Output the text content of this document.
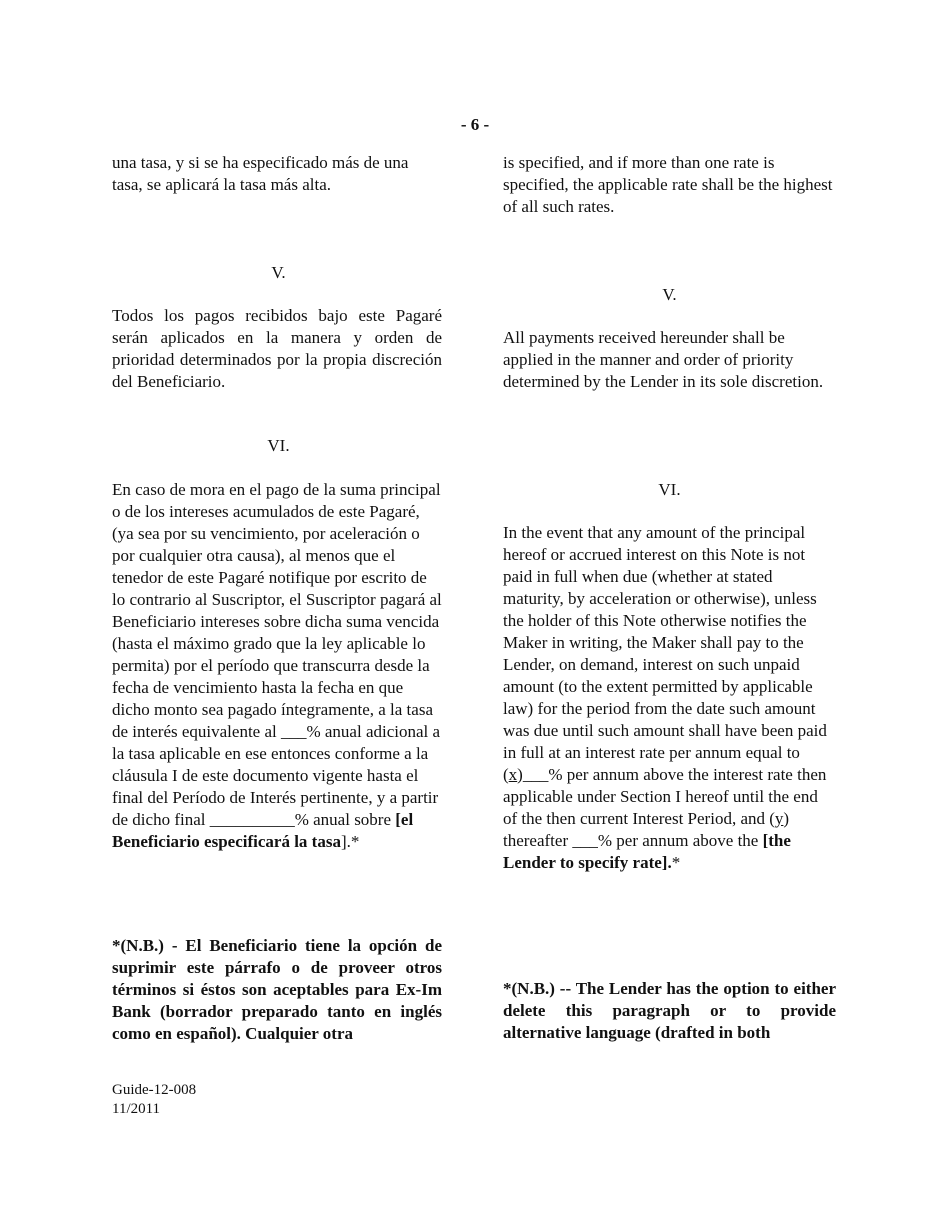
- 6 -

una tasa, y si se ha especificado más de una tasa, se aplicará la tasa más alta.

V.

Todos los pagos recibidos bajo este Pagaré serán aplicados en la manera y orden de prioridad determinados por la propia discreción del Beneficiario.

VI.

En caso de mora en el pago de la suma principal o de los intereses acumulados de este Pagaré, (ya sea por su vencimiento, por aceleración o por cualquier otra causa), al menos que el tenedor de este Pagaré notifique por escrito de lo contrario al Suscriptor, el Suscriptor pagará al Beneficiario intereses sobre dicha suma vencida (hasta el máximo grado que la ley aplicable lo permita) por el período que transcurra desde la fecha de vencimiento hasta la fecha en que dicho monto sea pagado íntegramente, a la tasa de interés equivalente al ___% anual adicional a la tasa aplicable en ese entonces conforme a la cláusula I de este documento vigente hasta el final del Período de Interés pertinente, y a partir de dicho final __________% anual sobre [el Beneficiario especificará la tasa].*

*(N.B.) - El Beneficiario tiene la opción de suprimir este párrafo o de proveer otros términos si éstos son aceptables para Ex-Im Bank (borrador preparado tanto en inglés como en español). Cualquier otra

is specified, and if more than one rate is specified, the applicable rate shall be the highest of all such rates.

V.

All payments received hereunder shall be applied in the manner and order of priority determined by the Lender in its sole discretion.

VI.

In the event that any amount of the principal hereof or accrued interest on this Note is not paid in full when due (whether at stated maturity, by acceleration or otherwise), unless the holder of this Note otherwise notifies the Maker in writing, the Maker shall pay to the Lender, on demand, interest on such unpaid amount (to the extent permitted by applicable law) for the period from the date such amount was due until such amount shall have been paid in full at an interest rate per annum equal to (x)___% per annum above the interest rate then applicable under Section I hereof until the end of the then current Interest Period, and (y) thereafter ___% per annum above the [the Lender to specify rate].*

*(N.B.) -- The Lender has the option to either delete this paragraph or to provide alternative language (drafted in both

Guide-12-008
11/2011
